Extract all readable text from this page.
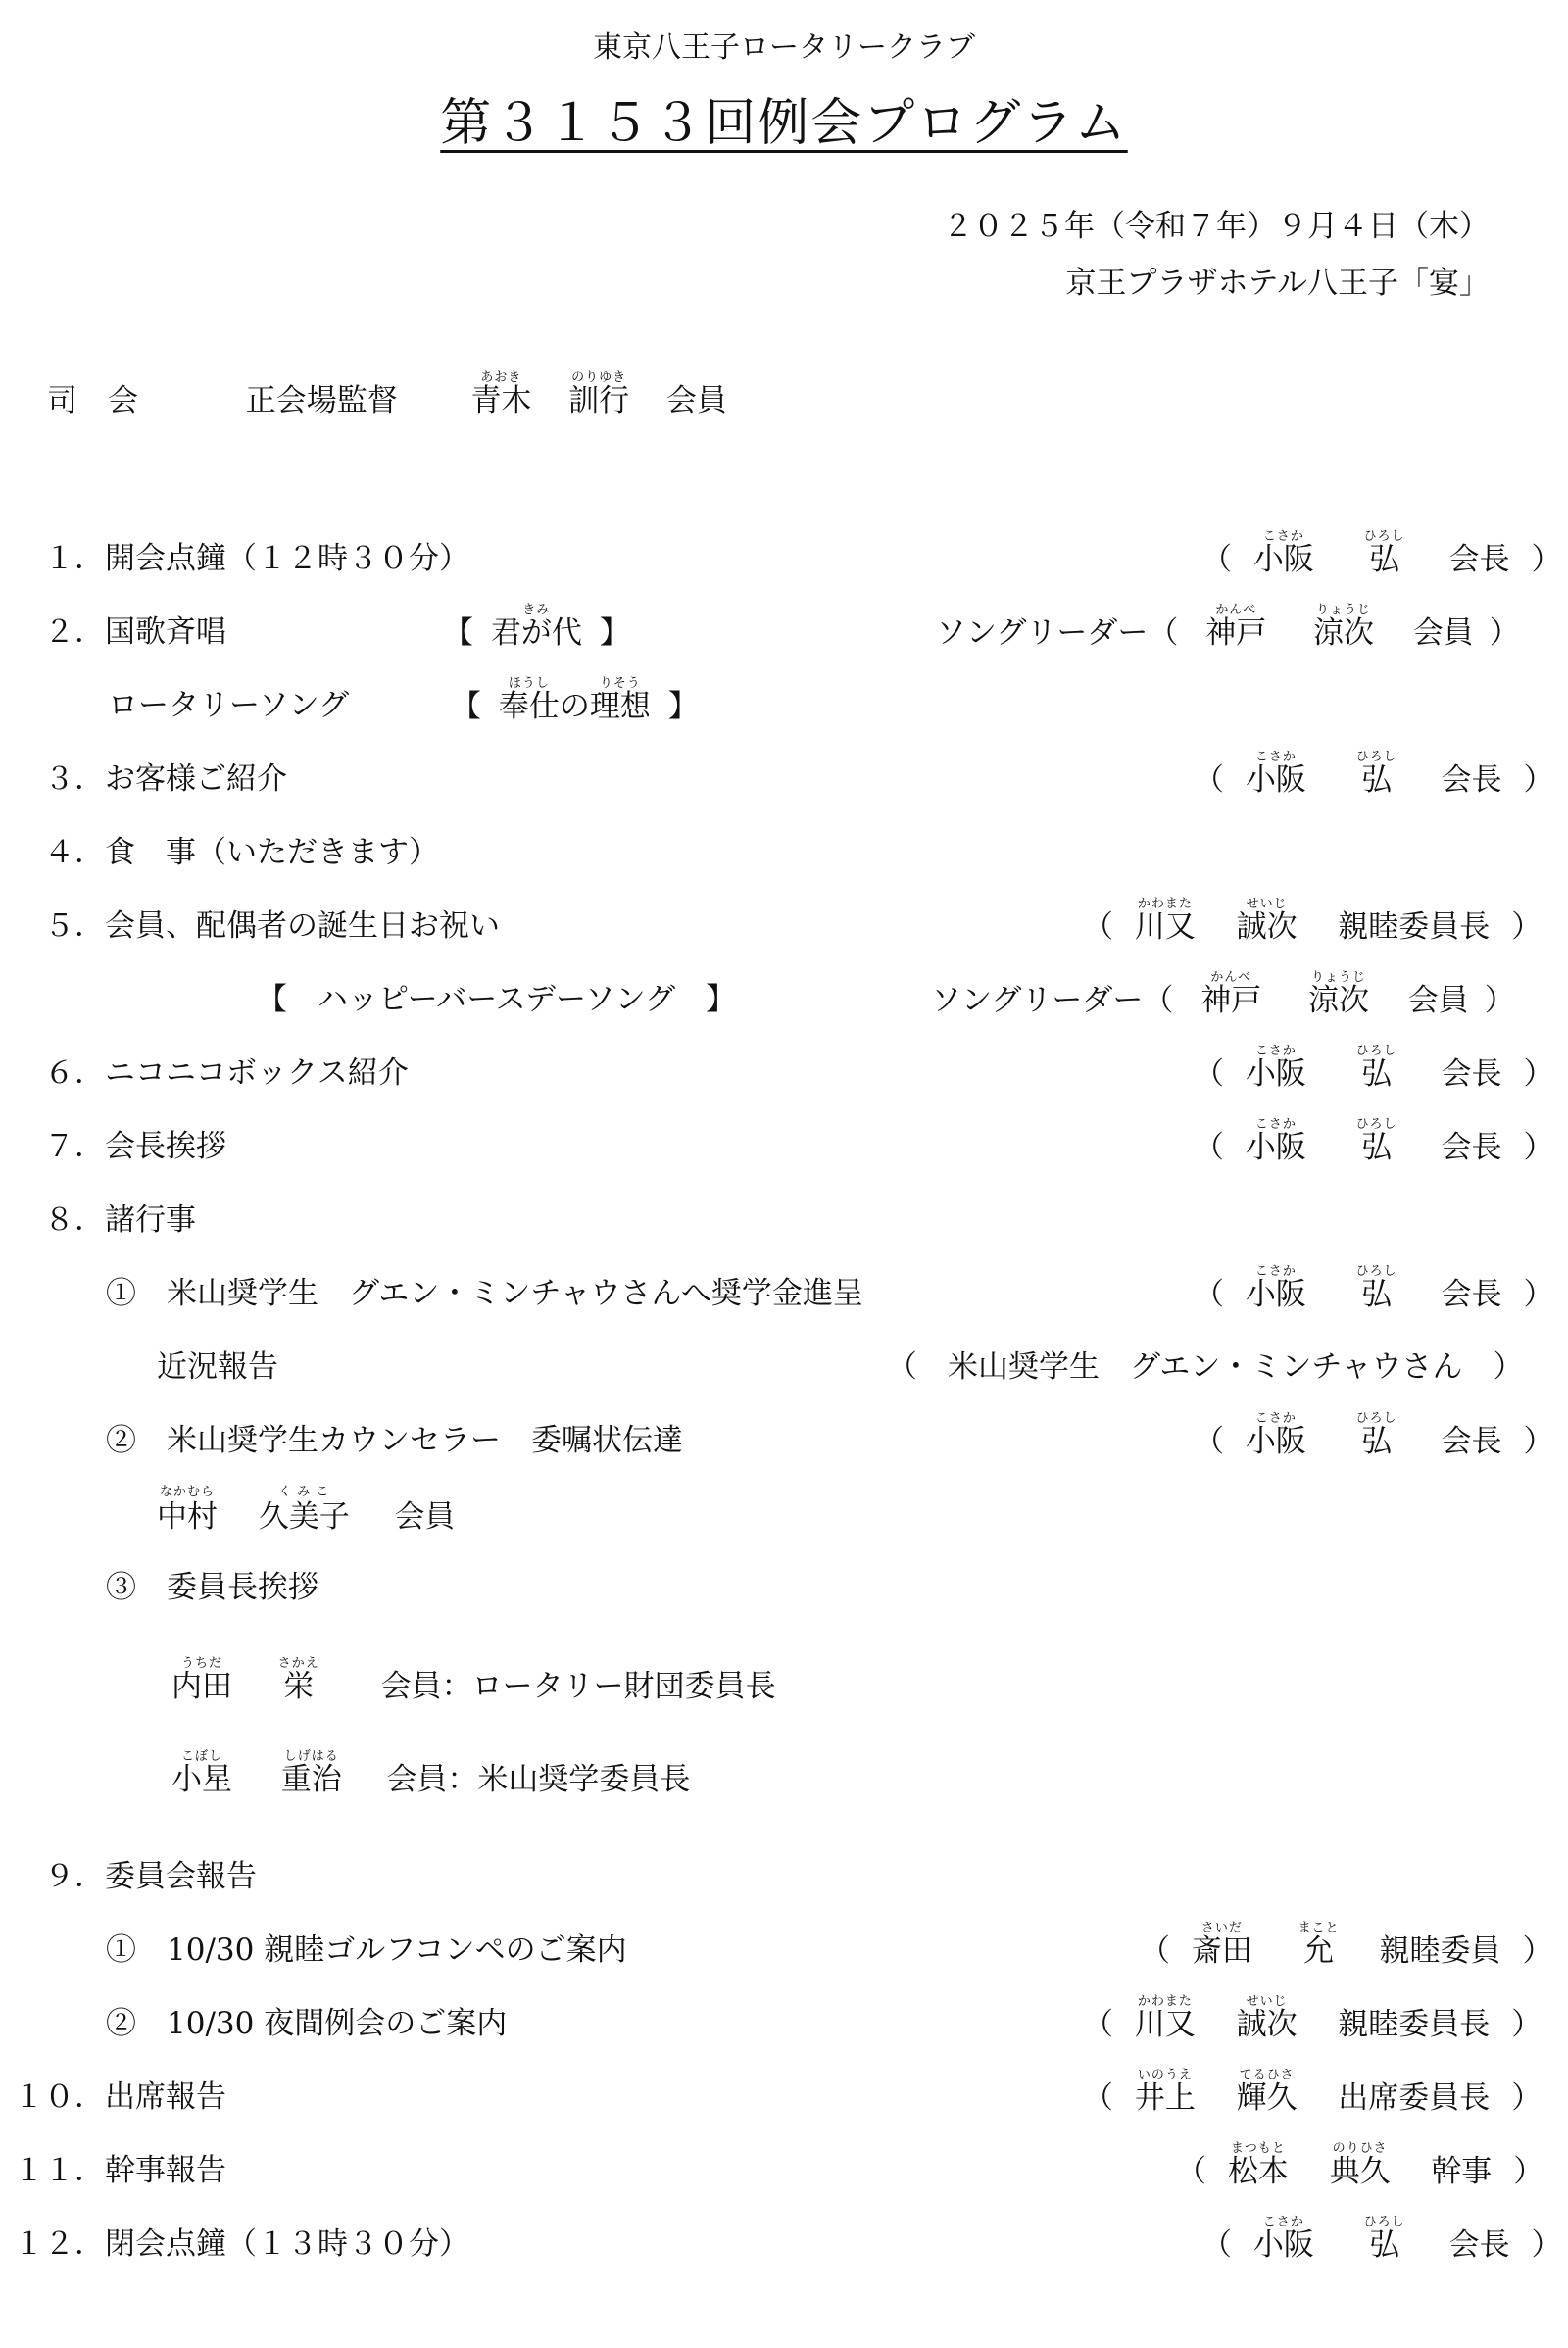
東京八王子ロータリークラブ
第３１５３回例会プログラム
２０２５年（令和７年）９月４日（木）
京王プラザホテル八王子「宴」
司　会	正会場監督 青木あおき  訓行のりゆき  会員
１．開会点鐘（１２時３０分）	（ 小阪こさか  弘ひろし  会長 ）
２．国歌斉唱	【 君が代きみ 】	ソングリーダー（ 神戸かんべ  涼次りょうじ  会員 ）
ロータリーソング	【 奉仕ほうしの理想りそう 】
３．お客様ご紹介	（ 小阪こさか  弘ひろし  会長 ）
４．食　事（いただきます）
５．会員、配偶者の誕生日お祝い	（ 川又かわまた  誠次せいじ  親睦委員長 ）
【　ハッピーバースデーソング　】	ソングリーダー（ 神戸かんべ  涼次りょうじ  会員 ）
６．ニコニコボックス紹介	（ 小阪こさか  弘ひろし  会長 ）
７．会長挨拶	（ 小阪こさか  弘ひろし  会長 ）
８．諸行事
①　米山奨学生　グエン・ミンチャウさんへ奨学金進呈	（ 小阪こさか  弘ひろし  会長 ）
近況報告	（　米山奨学生　グエン・ミンチャウさん　）
②　米山奨学生カウンセラー　委嘱状伝達	（ 小阪こさか  弘ひろし  会長 ）
中村なかむら  久美子く み こ  会員
③　委員長挨拶
内田うちだ  栄さかえ  会員：ロータリー財団委員長
小星こぼし  重治しげはる  会員：米山奨学委員長
９．委員会報告
①　10/30 親睦ゴルフコンペのご案内	（ 斎田さいだ  允まこと  親睦委員 ）
②　10/30 夜間例会のご案内	（ 川又かわまた  誠次せいじ  親睦委員長 ）
１０．出席報告	（ 井上いのうえ  輝久てるひさ  出席委員長 ）
１１．幹事報告	（ 松本まつもと  典久のりひさ  幹事 ）
１２．閉会点鐘（１３時３０分）	（ 小阪こさか  弘ひろし  会長 ）
